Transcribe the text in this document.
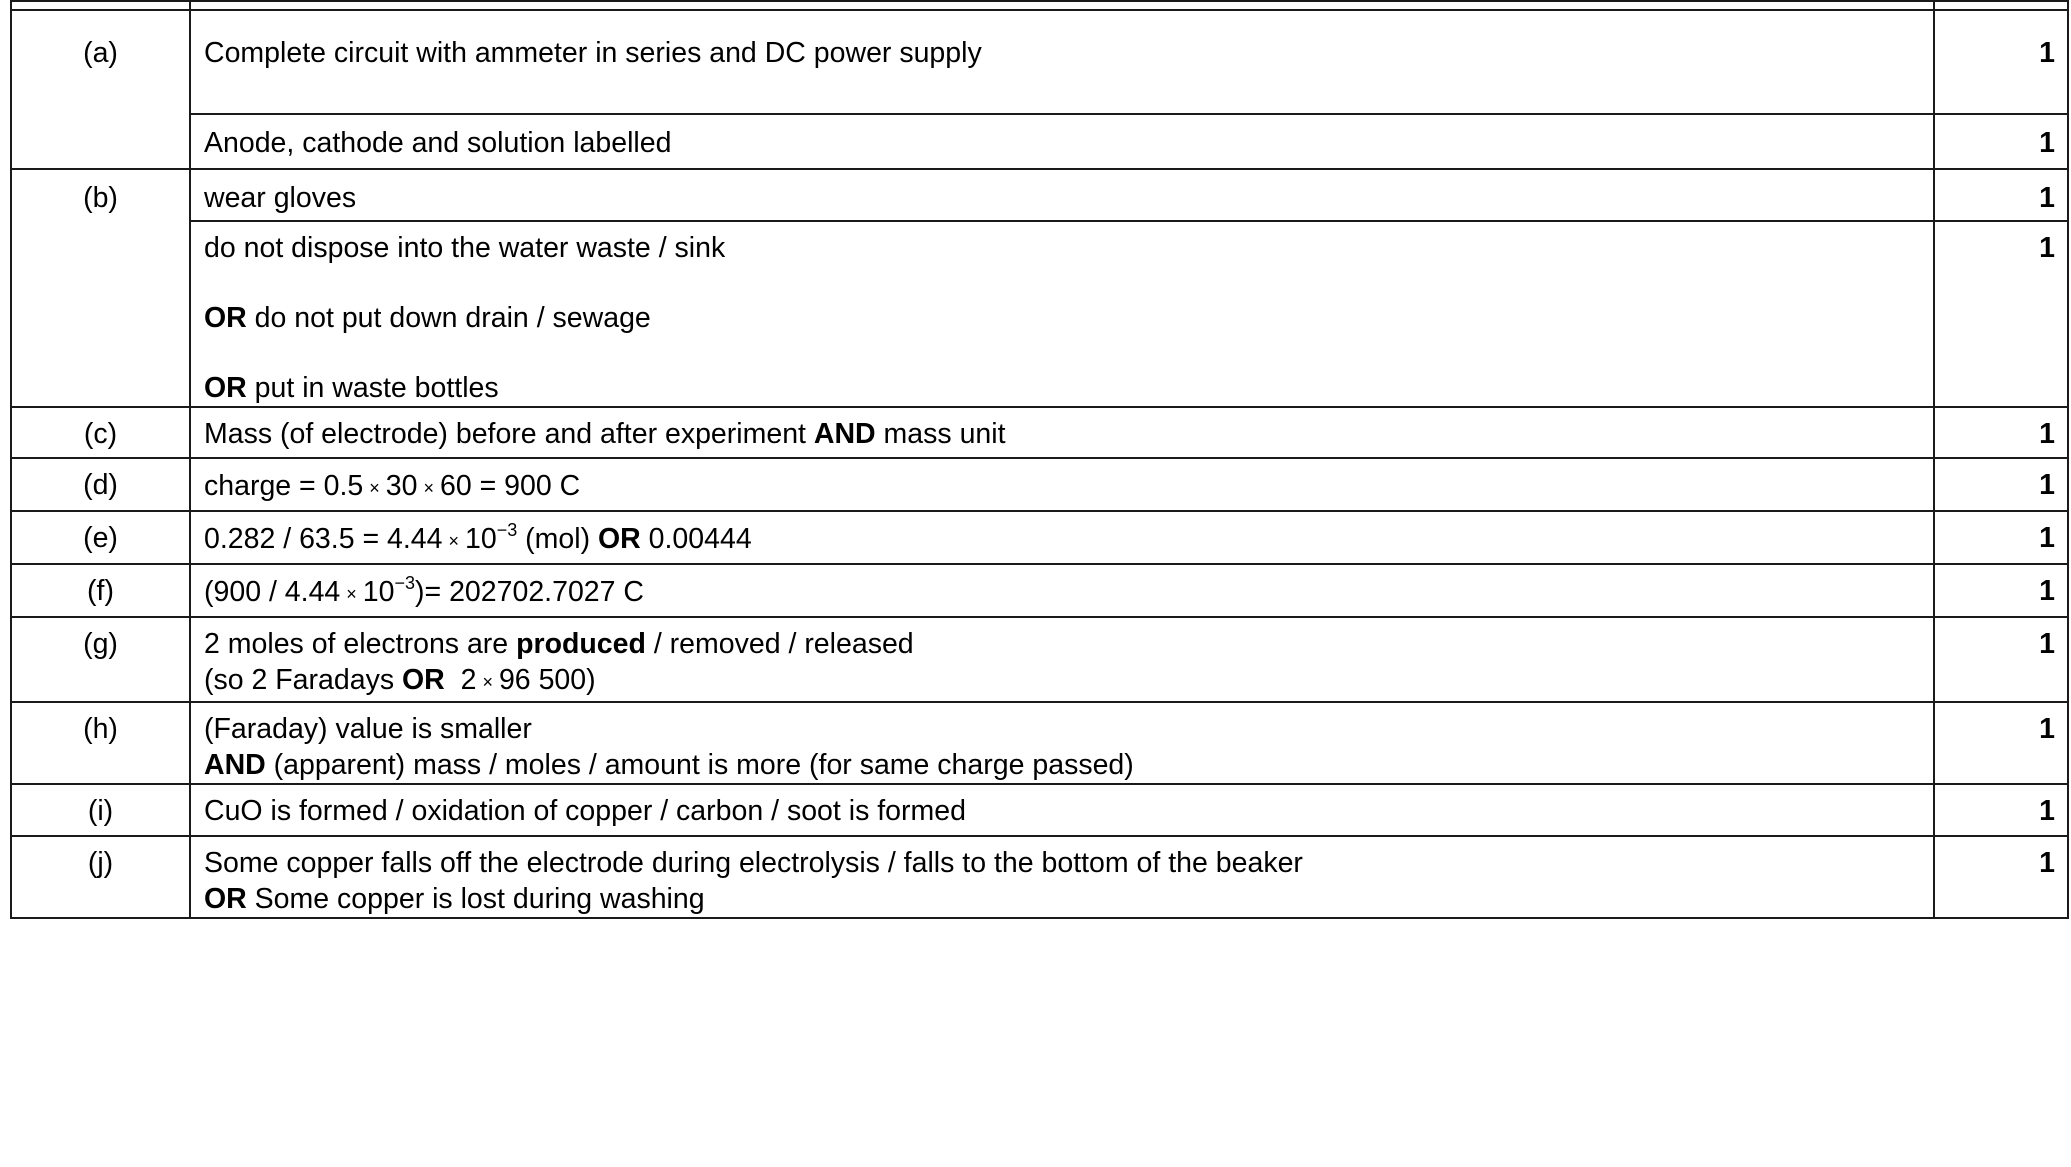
(a)	Complete circuit with ammeter in series and DC power supply	1

	Anode, cathode and solution labelled	1
(b)	wear gloves	1

	do not dispose into the water waste / sink
OR do not put down drain / sewage
OR put in waste bottles	1
(c)	Mass (of electrode) before and after experiment AND mass unit	1
(d)	charge = 0.5 × 30 × 60 = 900 C	1
(e)	$0.282 / 63.5 = 4.44 \times 10^{-3}$ (mol) OR 0.00444	1
(f)	$(900 / 4.44 \times 10^{-3})= 202702.7027$ C	1
(g)	2 moles of electrons are produced / removed / released
(so 2 Faradays OR  2 × 96 500)	1
(h)	(Faraday) value is smaller
AND (apparent) mass / moles / amount is more (for same charge passed)	1
(i)	CuO is formed / oxidation of copper / carbon / soot is formed	1
(j)	Some copper falls off the electrode during electrolysis / falls to the bottom of the beaker
OR Some copper is lost during washing	1
